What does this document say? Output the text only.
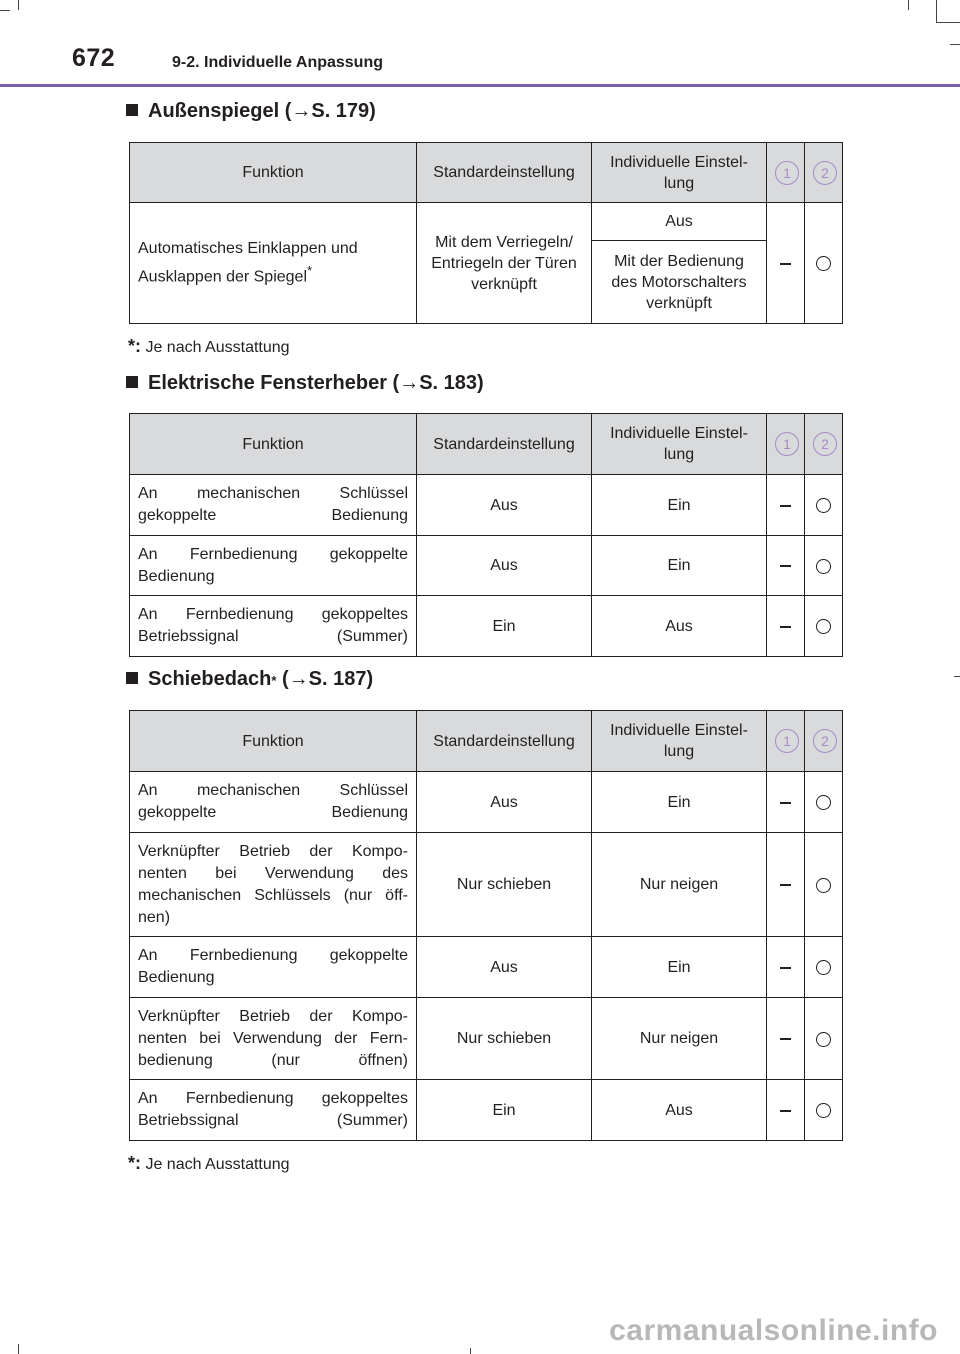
672	9-2. Individuelle Anpassung
Außenspiegel (→S. 179)
Funktion	Standardeinstellung	Individuelle Einstel-
lung	1	2
Automatisches Einklappen und
Ausklappen der Spiegel*	Mit dem Verriegeln/ Entriegeln der Türen verknüpft	Aus		
		Mit der Bedienung des Motorschalters verknüpft		
*: Je nach Ausstattung
Elektrische Fensterheber (→S. 183)
Funktion	Standardeinstellung	Individuelle Einstel-
lung	1	2
An mechanischen Schlüssel gekoppelte Bedienung	Aus	Ein		
An Fernbedienung gekoppelte Bedienung	Aus	Ein		
An Fernbedienung gekoppeltes Betriebssignal (Summer)	Ein	Aus		
Schiebedach *
(→S. 187)
Funktion	Standardeinstellung	Individuelle Einstel-
lung	1	2
An mechanischen Schlüssel gekoppelte Bedienung	Aus	Ein		
Verknüpfter Betrieb der Kompo-nenten bei Verwendung des mechanischen Schlüssels (nur öff-nen)	Nur schieben	Nur neigen		
An Fernbedienung gekoppelte Bedienung	Aus	Ein		
Verknüpfter Betrieb der Kompo-nenten bei Verwendung der Fern-bedienung (nur öffnen)	Nur schieben	Nur neigen		
An Fernbedienung gekoppeltes Betriebssignal (Summer)	Ein	Aus		
*: Je nach Ausstattung
carmanualsonline.info
